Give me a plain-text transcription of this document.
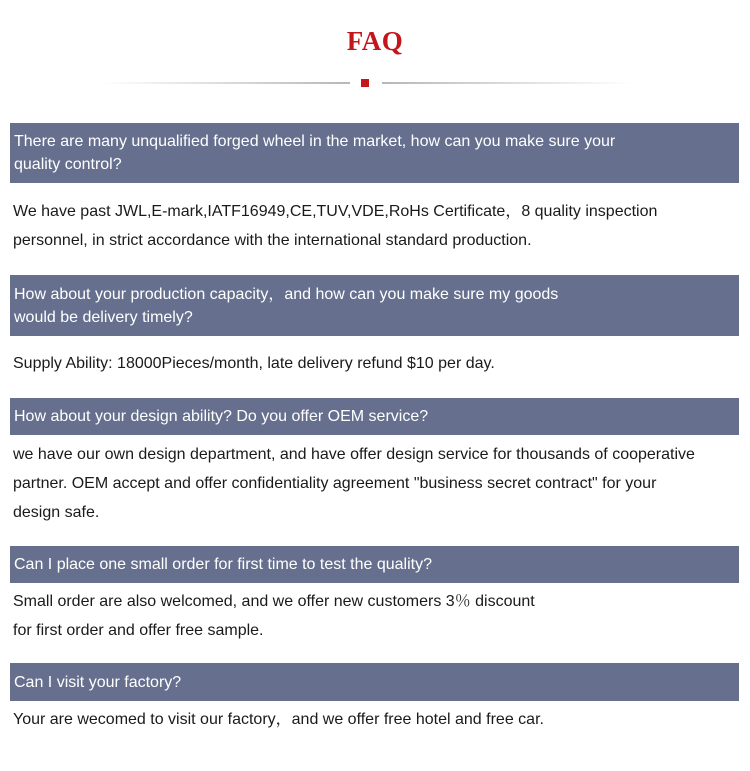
FAQ
There are many unqualified forged wheel in the market, how can you make sure your
quality control?
We have past JWL,E-mark,IATF16949,CE,TUV,VDE,RoHs Certificate，8 quality inspection
personnel, in strict accordance with the international standard production.
How about your production capacity，and how can you make sure my goods
would be delivery timely?
Supply Ability: 18000Pieces/month, late delivery refund $10 per day.
How about your design ability? Do you offer OEM service?
we have our own design department, and have offer design service for thousands of cooperative
partner. OEM accept and offer confidentiality agreement "business secret contract" for your
design safe.
Can I place one small order for first time to test the quality?
Small order are also welcomed, and we offer new customers 3％ discount
for first order and offer free sample.
Can I visit your factory?
Your are wecomed to visit our factory，and we offer free hotel and free car.
